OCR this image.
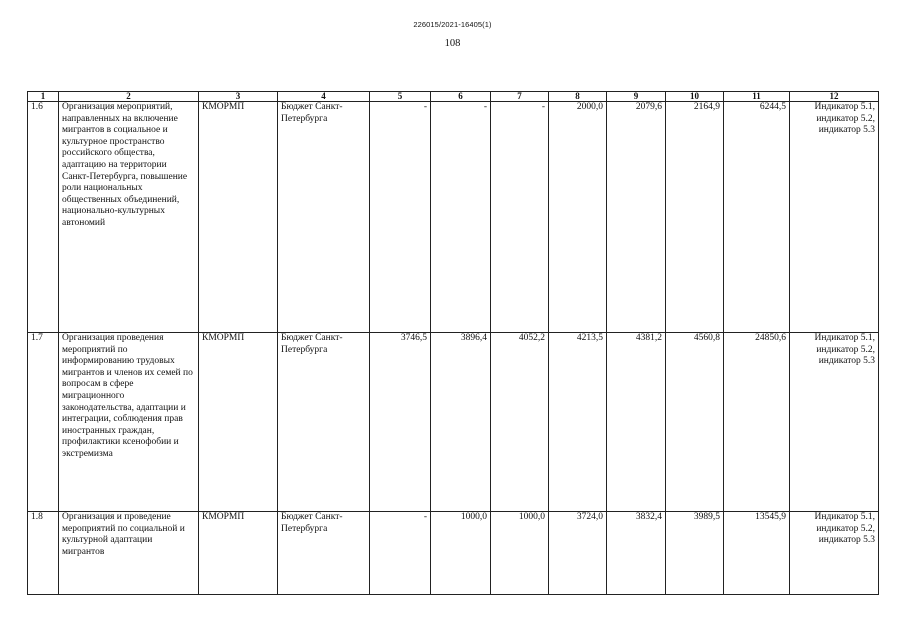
226015/2021-16405(1)
108
1	2	3	4	5	6	7	8	9	10	11	12
1.6	Организация мероприятий, направленных на включение мигрантов в социальное и культурное пространство российского общества, адаптацию на территории Санкт-Петербурга, повышение роли национальных общественных объединений, национально-культурных автономий	КМОРМП	Бюджет Санкт-Петербурга	-	-	-	2000,0	2079,6	2164,9	6244,5	Индикатор 5.1, индикатор 5.2, индикатор 5.3
1.7	Организация проведения мероприятий по информированию трудовых мигрантов и членов их семей по вопросам в сфере миграционного законодательства, адаптации и интеграции, соблюдения прав иностранных граждан, профилактики ксенофобии и экстремизма	КМОРМП	Бюджет Санкт-Петербурга	3746,5	3896,4	4052,2	4213,5	4381,2	4560,8	24850,6	Индикатор 5.1, индикатор 5.2, индикатор 5.3
1.8	Организация и проведение мероприятий по социальной и культурной адаптации мигрантов	КМОРМП	Бюджет Санкт-Петербурга	-	1000,0	1000,0	3724,0	3832,4	3989,5	13545,9	Индикатор 5.1, индикатор 5.2, индикатор 5.3
